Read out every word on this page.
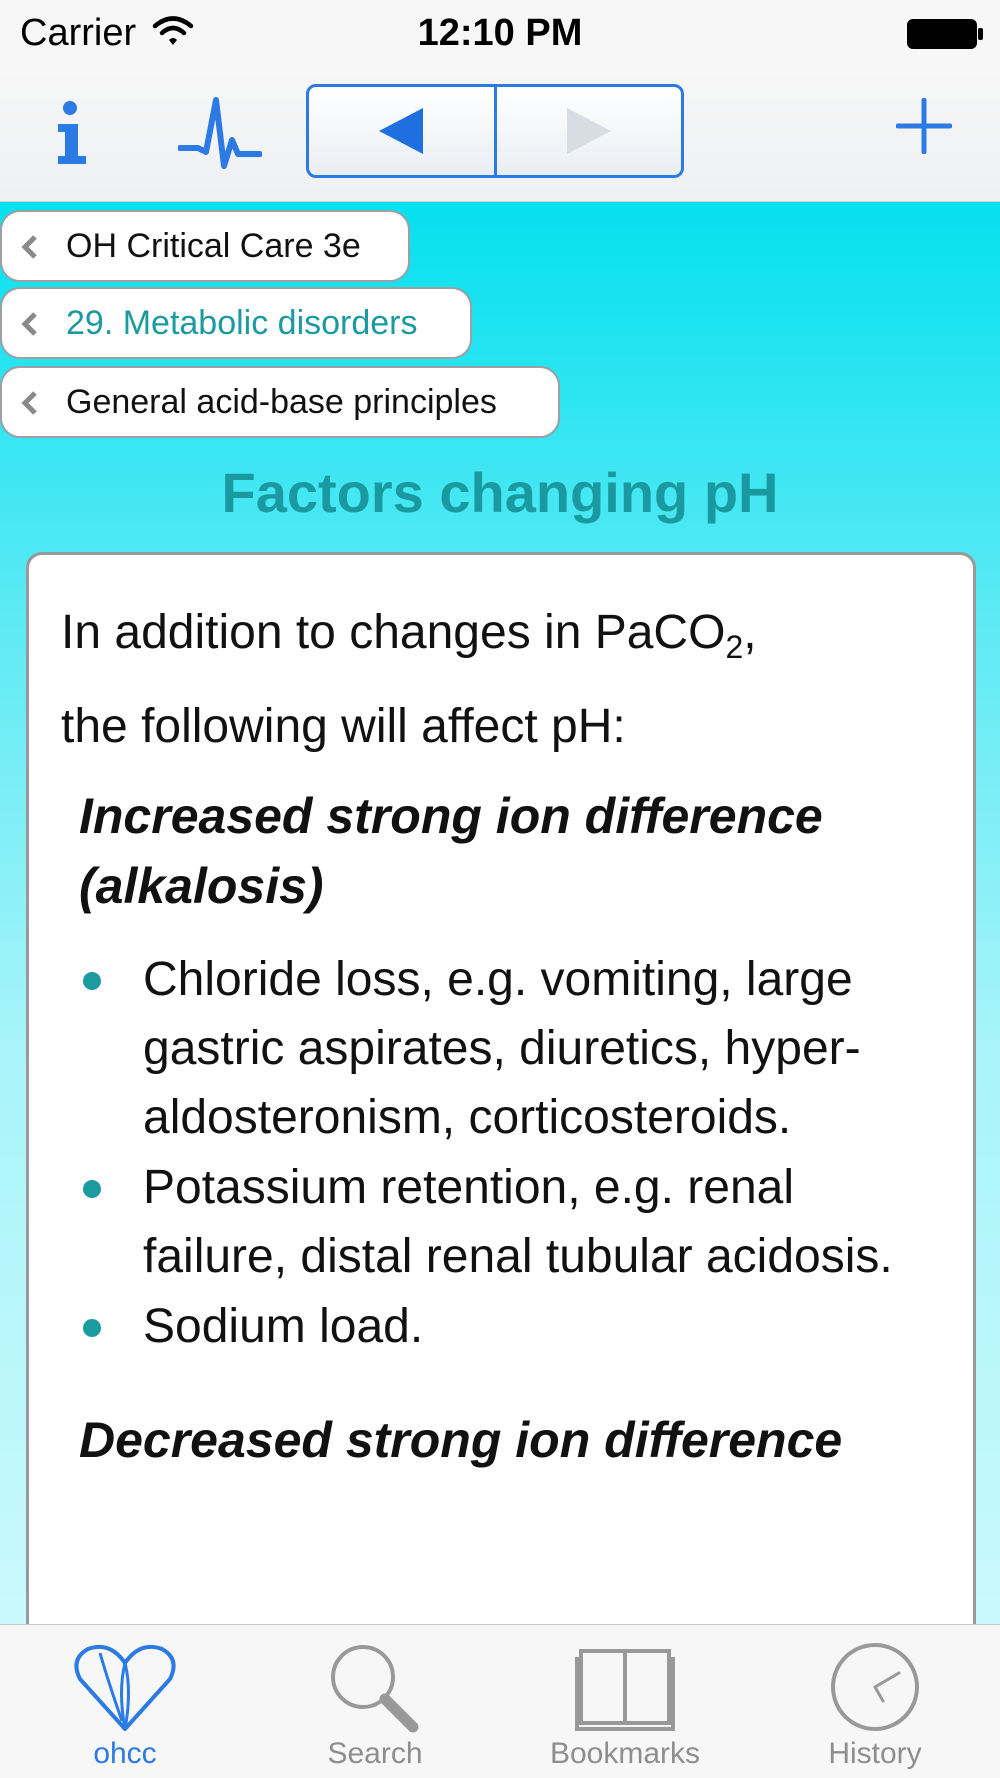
Carrier	12:10 PM
OH Critical Care 3e
29. Metabolic disorders
General acid-base principles
Factors changing pH

In addition to changes in PaCO$_2$,
the following will affect pH:

Increased strong ion difference (alkalosis)

Chloride loss, e.g. vomiting, large gastric aspirates, diuretics, hyper-aldosteronism, corticosteroids.
Potassium retention, e.g. renal failure, distal renal tubular acidosis.
Sodium load.

Decreased strong ion difference

ohcc	Search	Bookmarks	History
